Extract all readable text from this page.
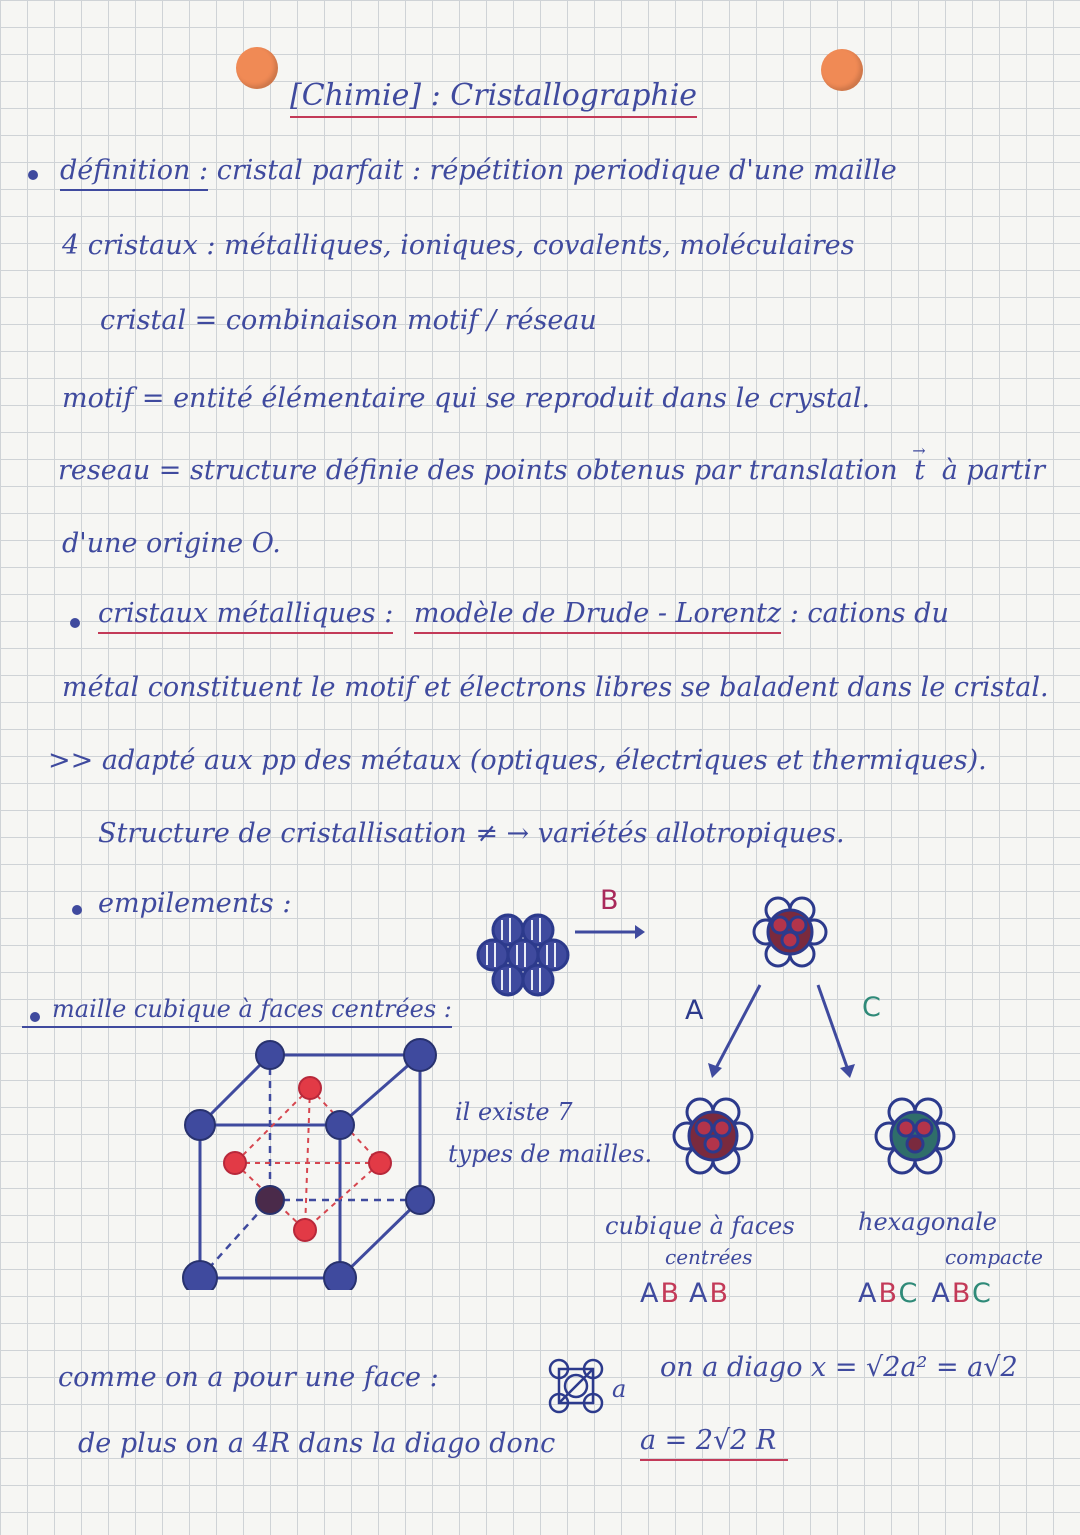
[Chimie] : Cristallographie
définition : cristal parfait : répétition periodique d'une maille
4 cristaux : métalliques, ioniques, covalents, moléculaires
cristal = combinaison motif / réseau
motif = entité élémentaire qui se reproduit dans le crystal.
reseau = structure définie des points obtenus par translation t
→
à partir
d'une origine O.
cristaux métalliques : modèle de Drude - Lorentz : cations du
métal constituent le motif et électrons libres se baladent dans le cristal.
>> adapté aux pp des métaux (optiques, électriques et thermiques).
Structure de cristallisation ≠ → variétés allotropiques.
empilements :	B
A	C
maille cubique à faces centrées :
il existe 7
types de mailles.
cubique à faces
centrées
AB AB
hexagonale
compacte
ABC ABC
comme on a pour une face :	a
on a diago x = √2a² = a√2
de plus on a 4R dans la diago donc	a = 2√2 R
